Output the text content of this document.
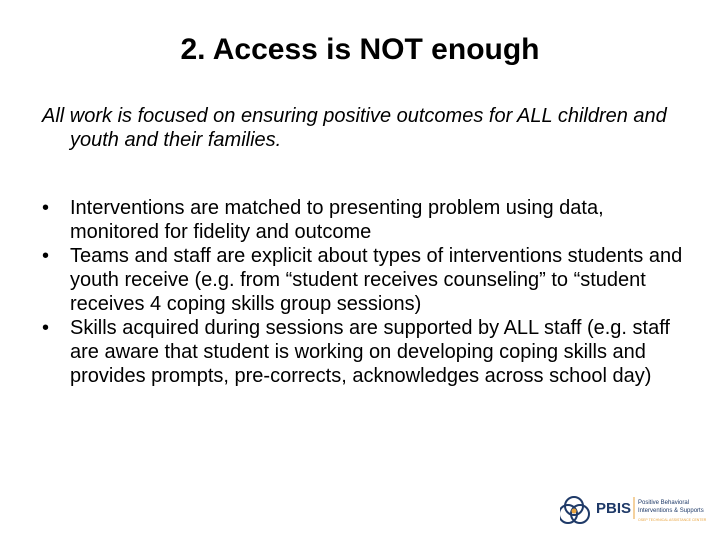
2. Access is NOT enough

All work is focused on ensuring positive outcomes for ALL children and youth and their families.

•	Interventions are matched to presenting problem using data, monitored for fidelity and outcome
•	Teams and staff are explicit about types of interventions students and youth receive (e.g. from “student receives counseling” to “student receives 4 coping skills group sessions)
•	Skills acquired during sessions are supported by ALL staff (e.g. staff are aware that student is working on developing coping skills and provides prompts, pre-corrects, acknowledges across school day)
PBIS Positive Behavioral
Interventions & Supports
OSEP TECHNICAL ASSISTANCE CENTER
